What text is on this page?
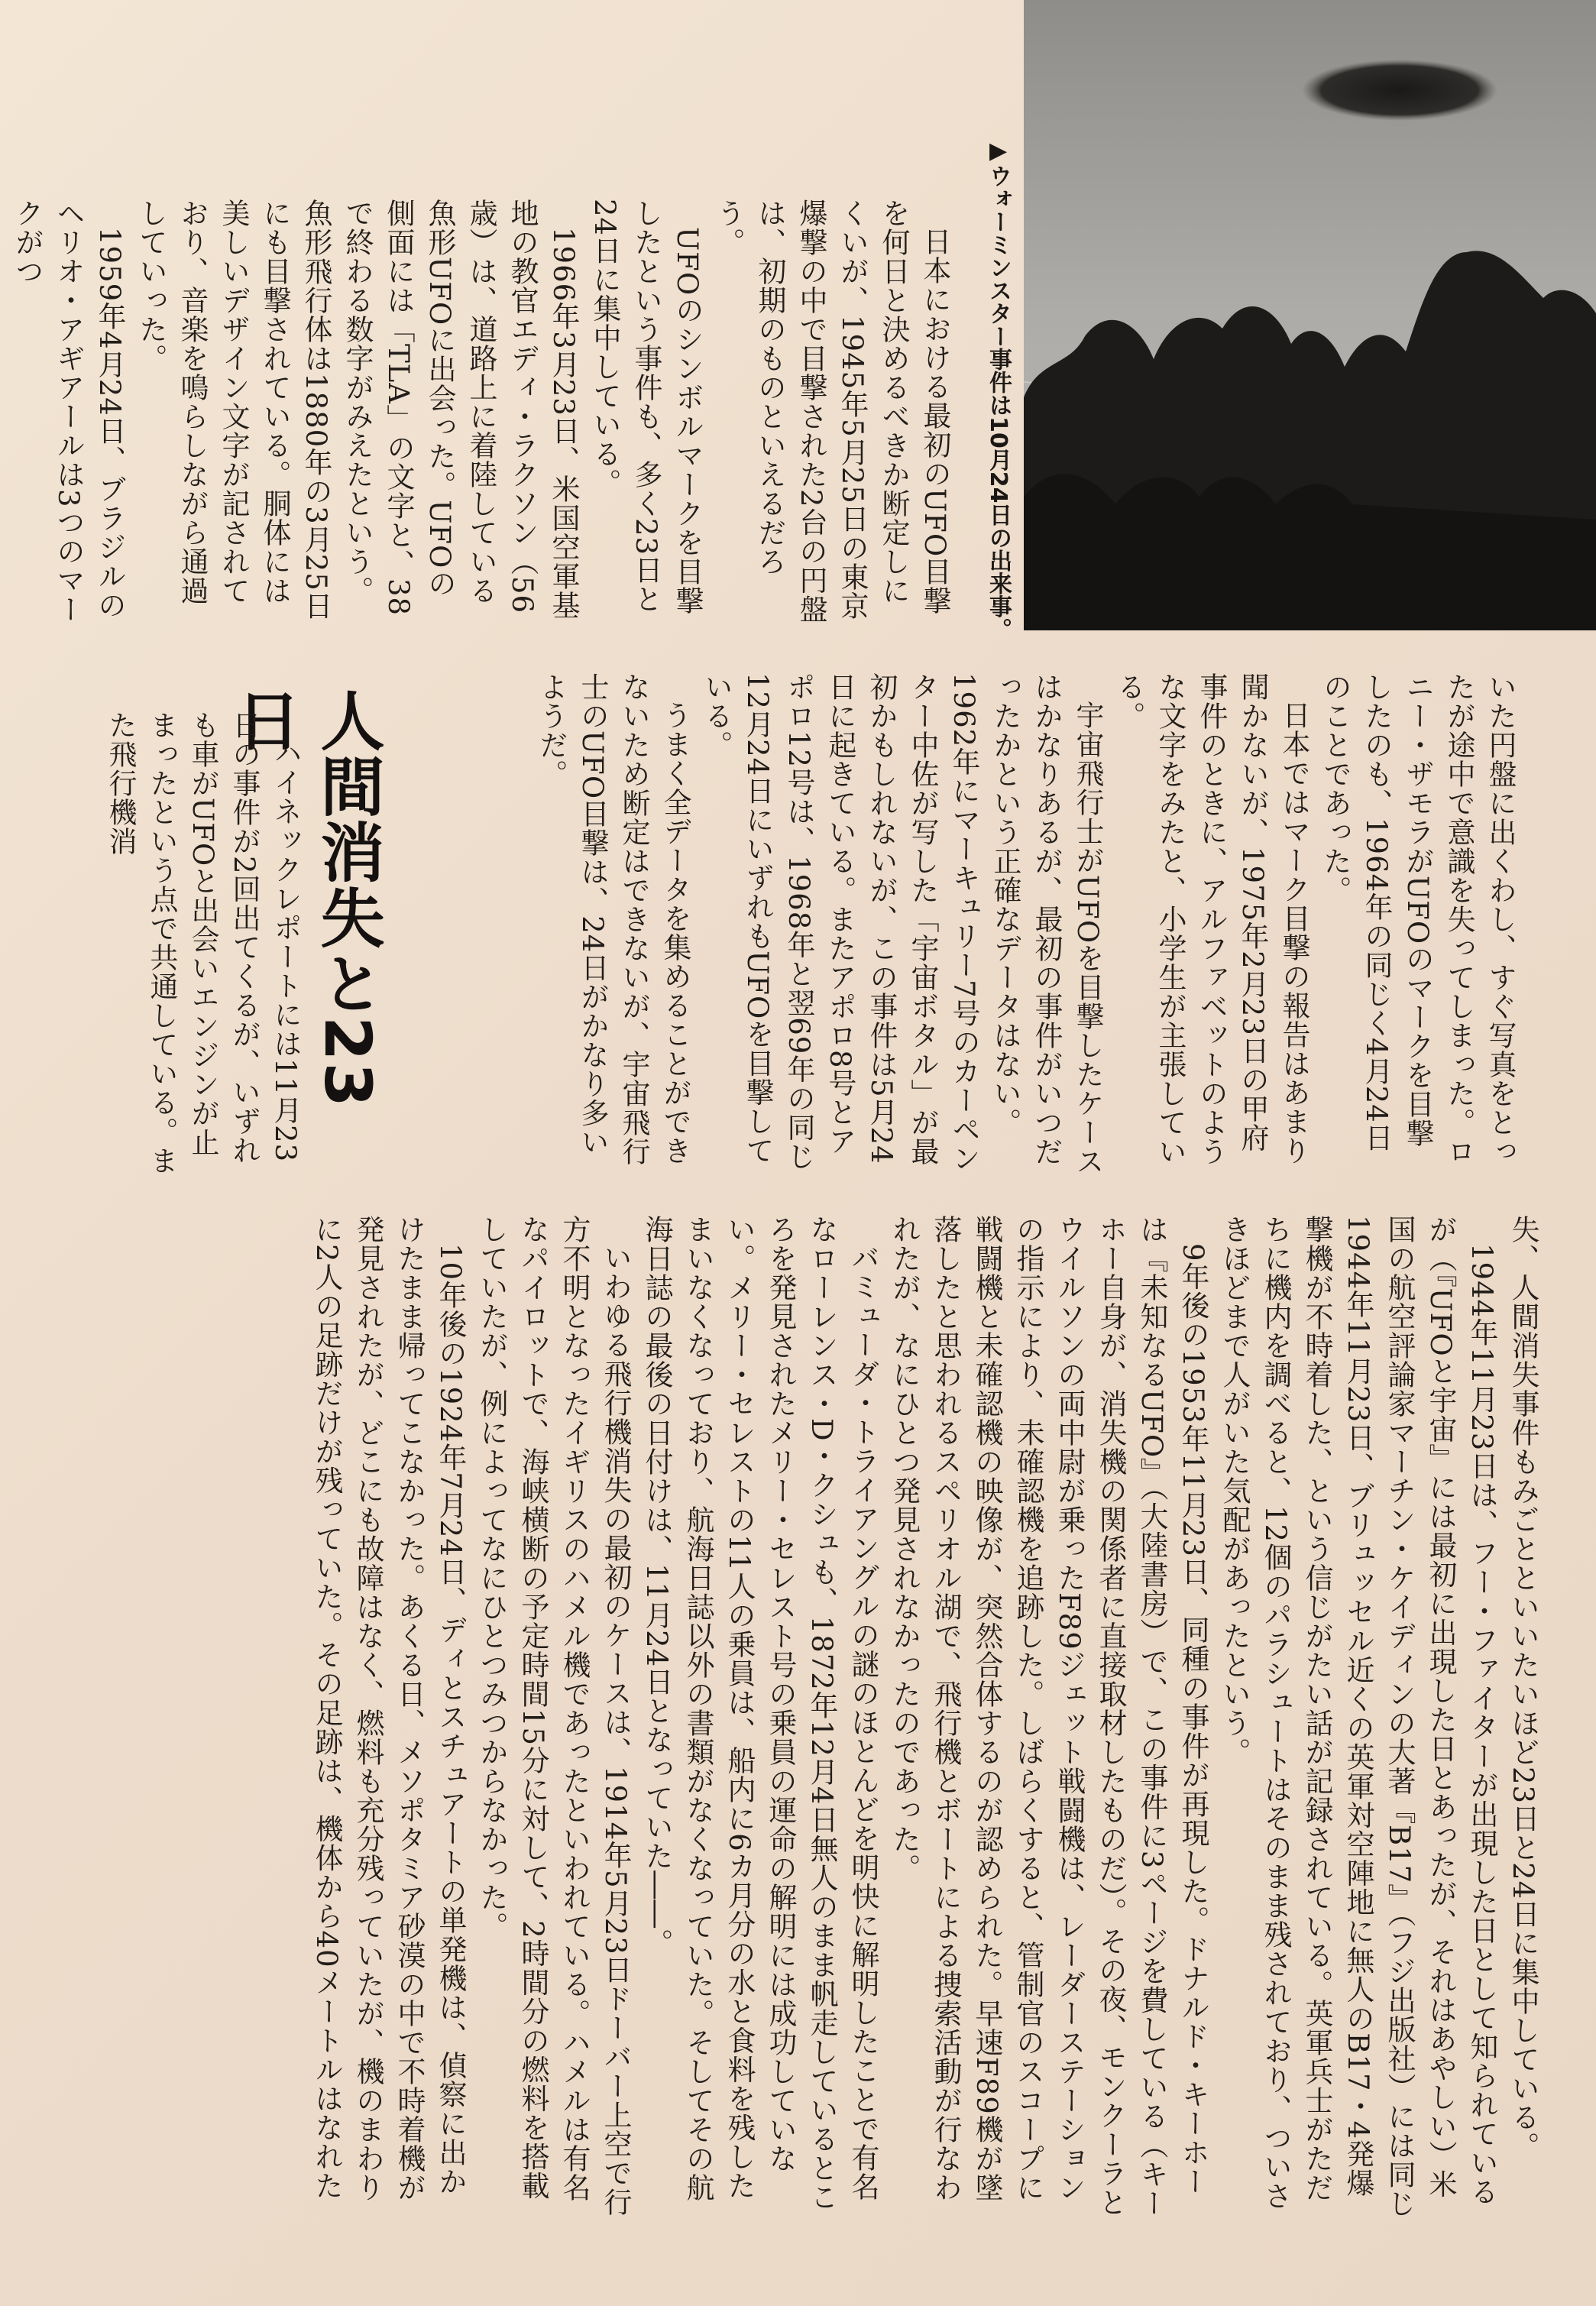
▶ウォーミンスター事件は10月24日の出来事。
人間消失と23日

日本における最初のUFO目撃を何日と決めるべきか断定しにくいが、1945年5月25日の東京爆撃の中で目撃された2台の円盤は、初期のものといえるだろう。

UFOのシンボルマークを目撃したという事件も、多く23日と24日に集中している。

1966年3月23日、米国空軍基地の教官エディ・ラクソン（56歳）は、道路上に着陸している魚形UFOに出会った。UFOの側面には「TLA」の文字と、38で終わる数字がみえたという。魚形飛行体は1880年の3月25日にも目撃されている。胴体には美しいデザイン文字が記されており、音楽を鳴らしながら通過していった。

1959年4月24日、ブラジルのヘリオ・アギアールは3つのマークがつ

いた円盤に出くわし、すぐ写真をとったが途中で意識を失ってしまった。ロニー・ザモラがUFOのマークを目撃したのも、1964年の同じく4月24日のことであった。

日本ではマーク目撃の報告はあまり聞かないが、1975年2月23日の甲府事件のときに、アルファベットのような文字をみたと、小学生が主張している。

宇宙飛行士がUFOを目撃したケースはかなりあるが、最初の事件がいつだったかという正確なデータはない。1962年にマーキュリー7号のカーペンター中佐が写した「宇宙ボタル」が最初かもしれないが、この事件は5月24日に起きている。またアポロ8号とアポロ12号は、1968年と翌69年の同じ12月24日にいずれもUFOを目撃している。

うまく全データを集めることができないため断定はできないが、宇宙飛行士のUFO目撃は、24日がかなり多いようだ。

ハイネックレポートには11月23日の事件が2回出てくるが、いずれも車がUFOと出会いエンジンが止まったという点で共通している。また飛行機消

失、人間消失事件もみごとといいたいほど23日と24日に集中している。

1944年11月23日は、フー・ファイターが出現した日として知られているが（『UFOと宇宙』には最初に出現した日とあったが、それはあやしい）米国の航空評論家マーチン・ケイディンの大著『B17』（フジ出版社）には同じ1944年11月23日、ブリュッセル近くの英軍対空陣地に無人のB17・4発爆撃機が不時着した、という信じがたい話が記録されている。英軍兵士がただちに機内を調べると、12個のパラシュートはそのまま残されており、ついさきほどまで人がいた気配があったという。

9年後の1953年11月23日、同種の事件が再現した。ドナルド・キーホーは『未知なるUFO』（大陸書房）で、この事件に3ページを費している（キーホー自身が、消失機の関係者に直接取材したものだ）。その夜、モンクーラとウイルソンの両中尉が乗ったF89ジェット戦闘機は、レーダーステーションの指示により、未確認機を追跡した。しばらくすると、管制官のスコープに戦闘機と未確認機の映像が、突然合体するのが認められた。早速F89機が墜落したと思われるスペリオル湖で、飛行機とボートによる捜索活動が行なわれたが、なにひとつ発見されなかったのであった。

バミューダ・トライアングルの謎のほとんどを明快に解明したことで有名なローレンス・D・クシュも、1872年12月4日無人のまま帆走しているところを発見されたメリー・セレスト号の乗員の運命の解明には成功していない。メリー・セレストの11人の乗員は、船内に6カ月分の水と食料を残したまいなくなっており、航海日誌以外の書類がなくなっていた。そしてその航海日誌の最後の日付けは、11月24日となっていた――。

いわゆる飛行機消失の最初のケースは、1914年5月23日ドーバー上空で行方不明となったイギリスのハメル機であったといわれている。ハメルは有名なパイロットで、海峡横断の予定時間15分に対して、2時間分の燃料を搭載していたが、例によってなにひとつみつからなかった。

10年後の1924年7月24日、ディとスチュアートの単発機は、偵察に出かけたまま帰ってこなかった。あくる日、メソポタミア砂漠の中で不時着機が発見されたが、どこにも故障はなく、燃料も充分残っていたが、機のまわりに2人の足跡だけが残っていた。その足跡は、機体から40メートルはなれた
